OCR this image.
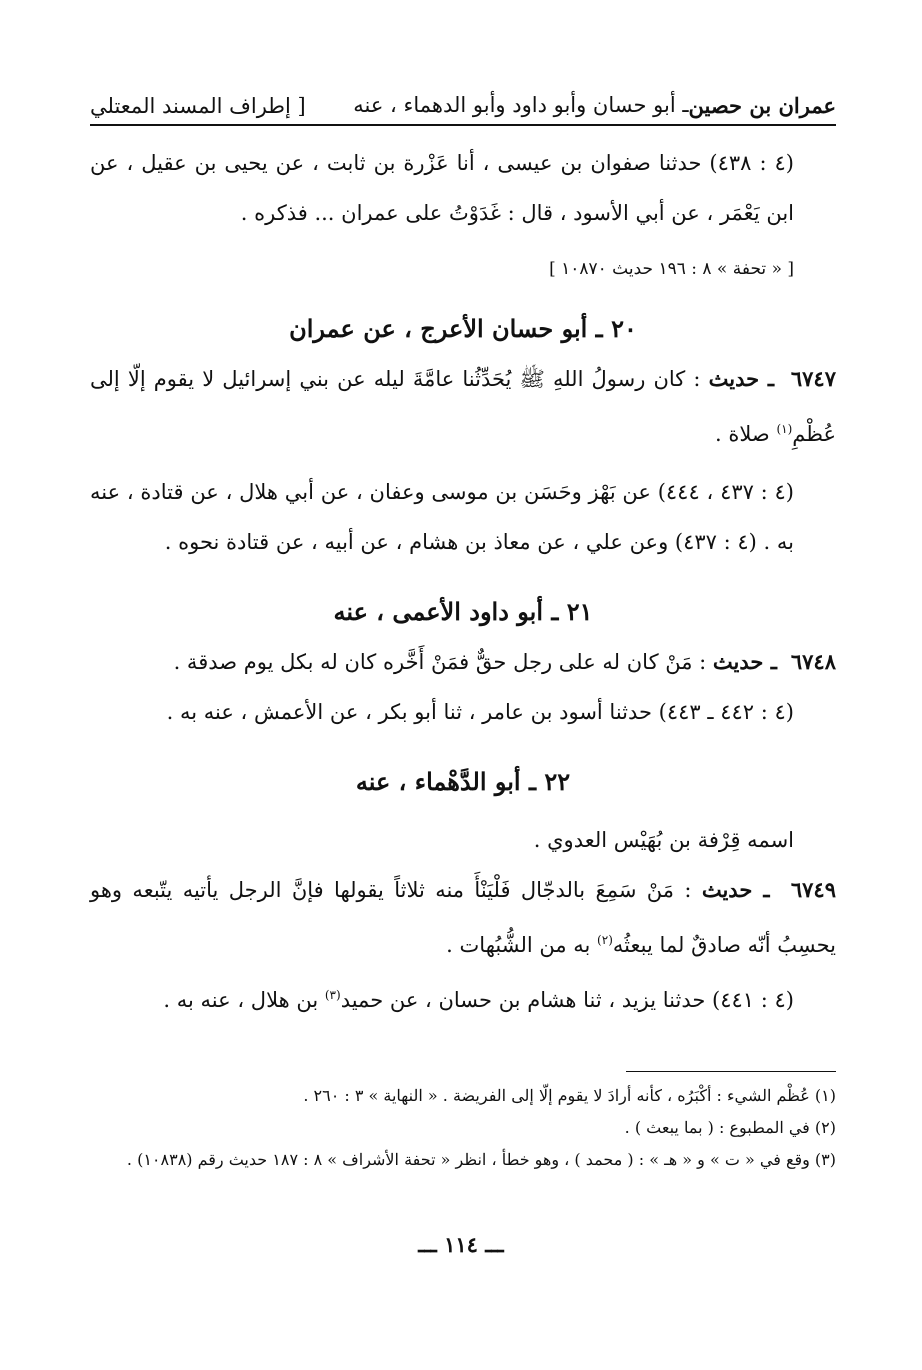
عمران بن حصين
ـ أبو حسان وأبو داود وأبو الدهماء ، عنه
[ إطراف المسند المعتلي

(٤ : ٤٣٨) حدثنا صفوان بن عيسى ، أنا عَزْرة بن ثابت ، عن يحيى بن عقيل ، عن ابن يَعْمَر ، عن أبي الأسود ، قال : غَدَوْتُ على عمران ... فذكره .

[ « تحفة » ٨ : ١٩٦ حديث ١٠٨٧٠ ]

٢٠ ـ أبو حسان الأعرج ، عن عمران

٦٧٤٧  ـ حديث : كان رسولُ اللهِ ﷺ يُحَدِّثُنا عامَّةَ ليله عن بني إسرائيل لا يقوم إلّا إلى عُظْمِ$^{(١)}$ صلاة .

(٤ : ٤٣٧ ، ٤٤٤) عن بَهْز وحَسَن بن موسى وعفان ، عن أبي هلال ، عن قتادة ، عنه به . (٤ : ٤٣٧) وعن علي ، عن معاذ بن هشام ، عن أبيه ، عن قتادة نحوه .

٢١ ـ أبو داود الأعمى ، عنه

٦٧٤٨  ـ حديث : مَنْ كان له على رجل حقٌّ فمَنْ أَخَّره كان له بكل يوم صدقة .

(٤ : ٤٤٢ ـ ٤٤٣) حدثنا أسود بن عامر ، ثنا أبو بكر ، عن الأعمش ، عنه به .

٢٢ ـ أبو الدَّهْماء ، عنه

اسمه قِرْفة بن بُهَيْس العدوي .

٦٧٤٩  ـ حديث : مَنْ سَمِعَ بالدجّال فَلْيَنْأَ منه ثلاثاً يقولها فإنَّ الرجل يأتيه يتّبعه وهو يحسِبُ أنّه صادقٌ لما يبعثُه$^{(٢)}$ به من الشُّبُهات .

(٤ : ٤٤١) حدثنا يزيد ، ثنا هشام بن حسان ، عن حميد$^{(٣)}$ بن هلال ، عنه به .

(١) عُظْم الشيء : أكْبَرُه ، كأنه أرادَ لا يقوم إلّا إلى الفريضة . « النهاية » ٣ : ٢٦٠ .

(٢) في المطبوع : ( بما يبعث ) .

(٣) وقع في « ت » و « هـ » : ( محمد ) ، وهو خطأ ، انظر « تحفة الأشراف » ٨ : ١٨٧ حديث رقم (١٠٨٣٨) .

ـــ ١١٤ ـــ
